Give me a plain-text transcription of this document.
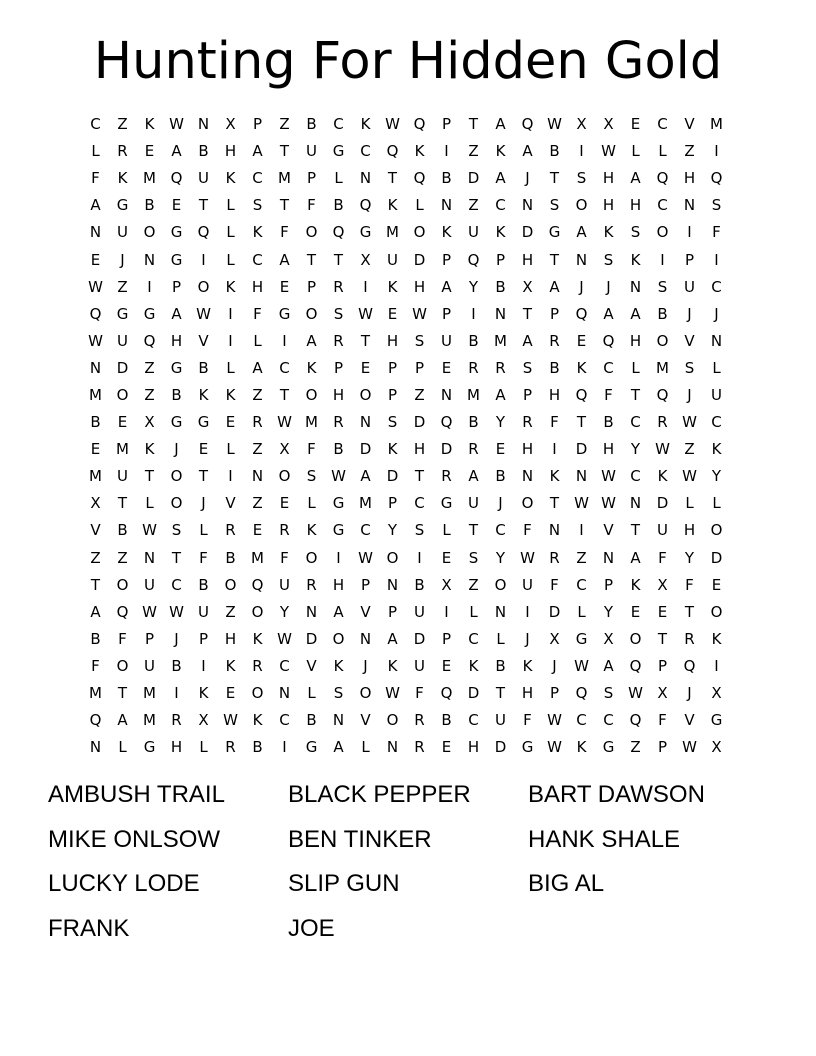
Hunting For Hidden Gold
C	Z	K W N	X	P	Z	B	C	K W Q	P	T	A	Q W X	X	E	C	V	M
L	R	E	A	B	H	A	T	U	G	C	Q	K	I	Z	K	A	B	I	W	L	L	Z	I
F	K	M Q	U	K	C	M	P	L	N	T	Q	B	D	A	J	T	S	H	A	Q	H	Q
A	G	B	E	T	L	S	T	F	B	Q	K	L	N	Z	C	N	S	O	H	H	C	N	S
N	U	O	G	Q	L	K	F	O	Q	G M O	K	U	K	D	G	A	K	S	O	I	F
E	J	N	G	I	L	C	A	T	T	X	U	D	P	Q	P	H	T	N	S	K	I	P	I
W Z	I	P	O	K	H	E	P	R	I	K	H	A	Y	B	X	A	J	J	N	S	U	C
Q	G	G	A W	I	F	G	O	S W E W	P	I	N	T	P	Q	A	A	B	J	J
W U	Q	H	V	I	L	I	A	R	T	H	S	U	B	M	A	R	E	Q	H	O	V	N
N	D	Z	G	B	L	A	C	K	P	E	P	P	E	R	R	S	B	K	C	L	M	S	L
M O	Z	B	K	K	Z	T	O	H	O	P	Z	N M	A	P	H	Q	F	T	Q	J	U
B	E	X	G	G	E	R W M	R	N	S	D	Q	B	Y	R	F	T	B	C	R W C
E	M	K	J	E	L	Z	X	F	B	D	K	H	D	R	E	H	I	D	H	Y	W Z	K
M	U	T	O	T	I	N	O	S W A	D	T	R	A	B	N	K	N W C	K W Y
X	T	L	O	J	V	Z	E	L	G M	P	C	G	U	J	O	T	W W N	D	L	L
V	B W S	L	R	E	R	K	G	C	Y	S	L	T	C	F	N	I	V	T	U	H	O
Z	Z	N	T	F	B	M	F	O	I	W O	I	E	S	Y	W R	Z	N	A	F	Y	D
T	O	U	C	B	O	Q	U	R	H	P	N	B	X	Z	O	U	F	C	P	K	X	F	E
A	Q W W U	Z	O	Y	N	A	V	P	U	I	L	N	I	D	L	Y	E	E	T	O
B	F	P	J	P	H	K W D	O	N	A	D	P	C	L	J	X	G	X	O	T	R	K
F	O	U	B	I	K	R	C	V	K	J	K	U	E	K	B	K	J	W A	Q	P	Q	I
M	T	M	I	K	E	O	N	L	S	O W	F	Q	D	T	H	P	Q	S W X	J	X
Q	A	M	R	X W K	C	B	N	V	O	R	B	C	U	F	W C	C	Q	F	V	G
N	L	G	H	L	R	B	I	G	A	L	N	R	E	H	D	G W K	G	Z	P	W X
AMBUSH TRAIL	BLACK PEPPER	BART DAWSON
MIKE ONLSOW	BEN TINKER	HANK SHALE
LUCKY LODE	SLIP GUN	BIG AL
FRANK	JOE
